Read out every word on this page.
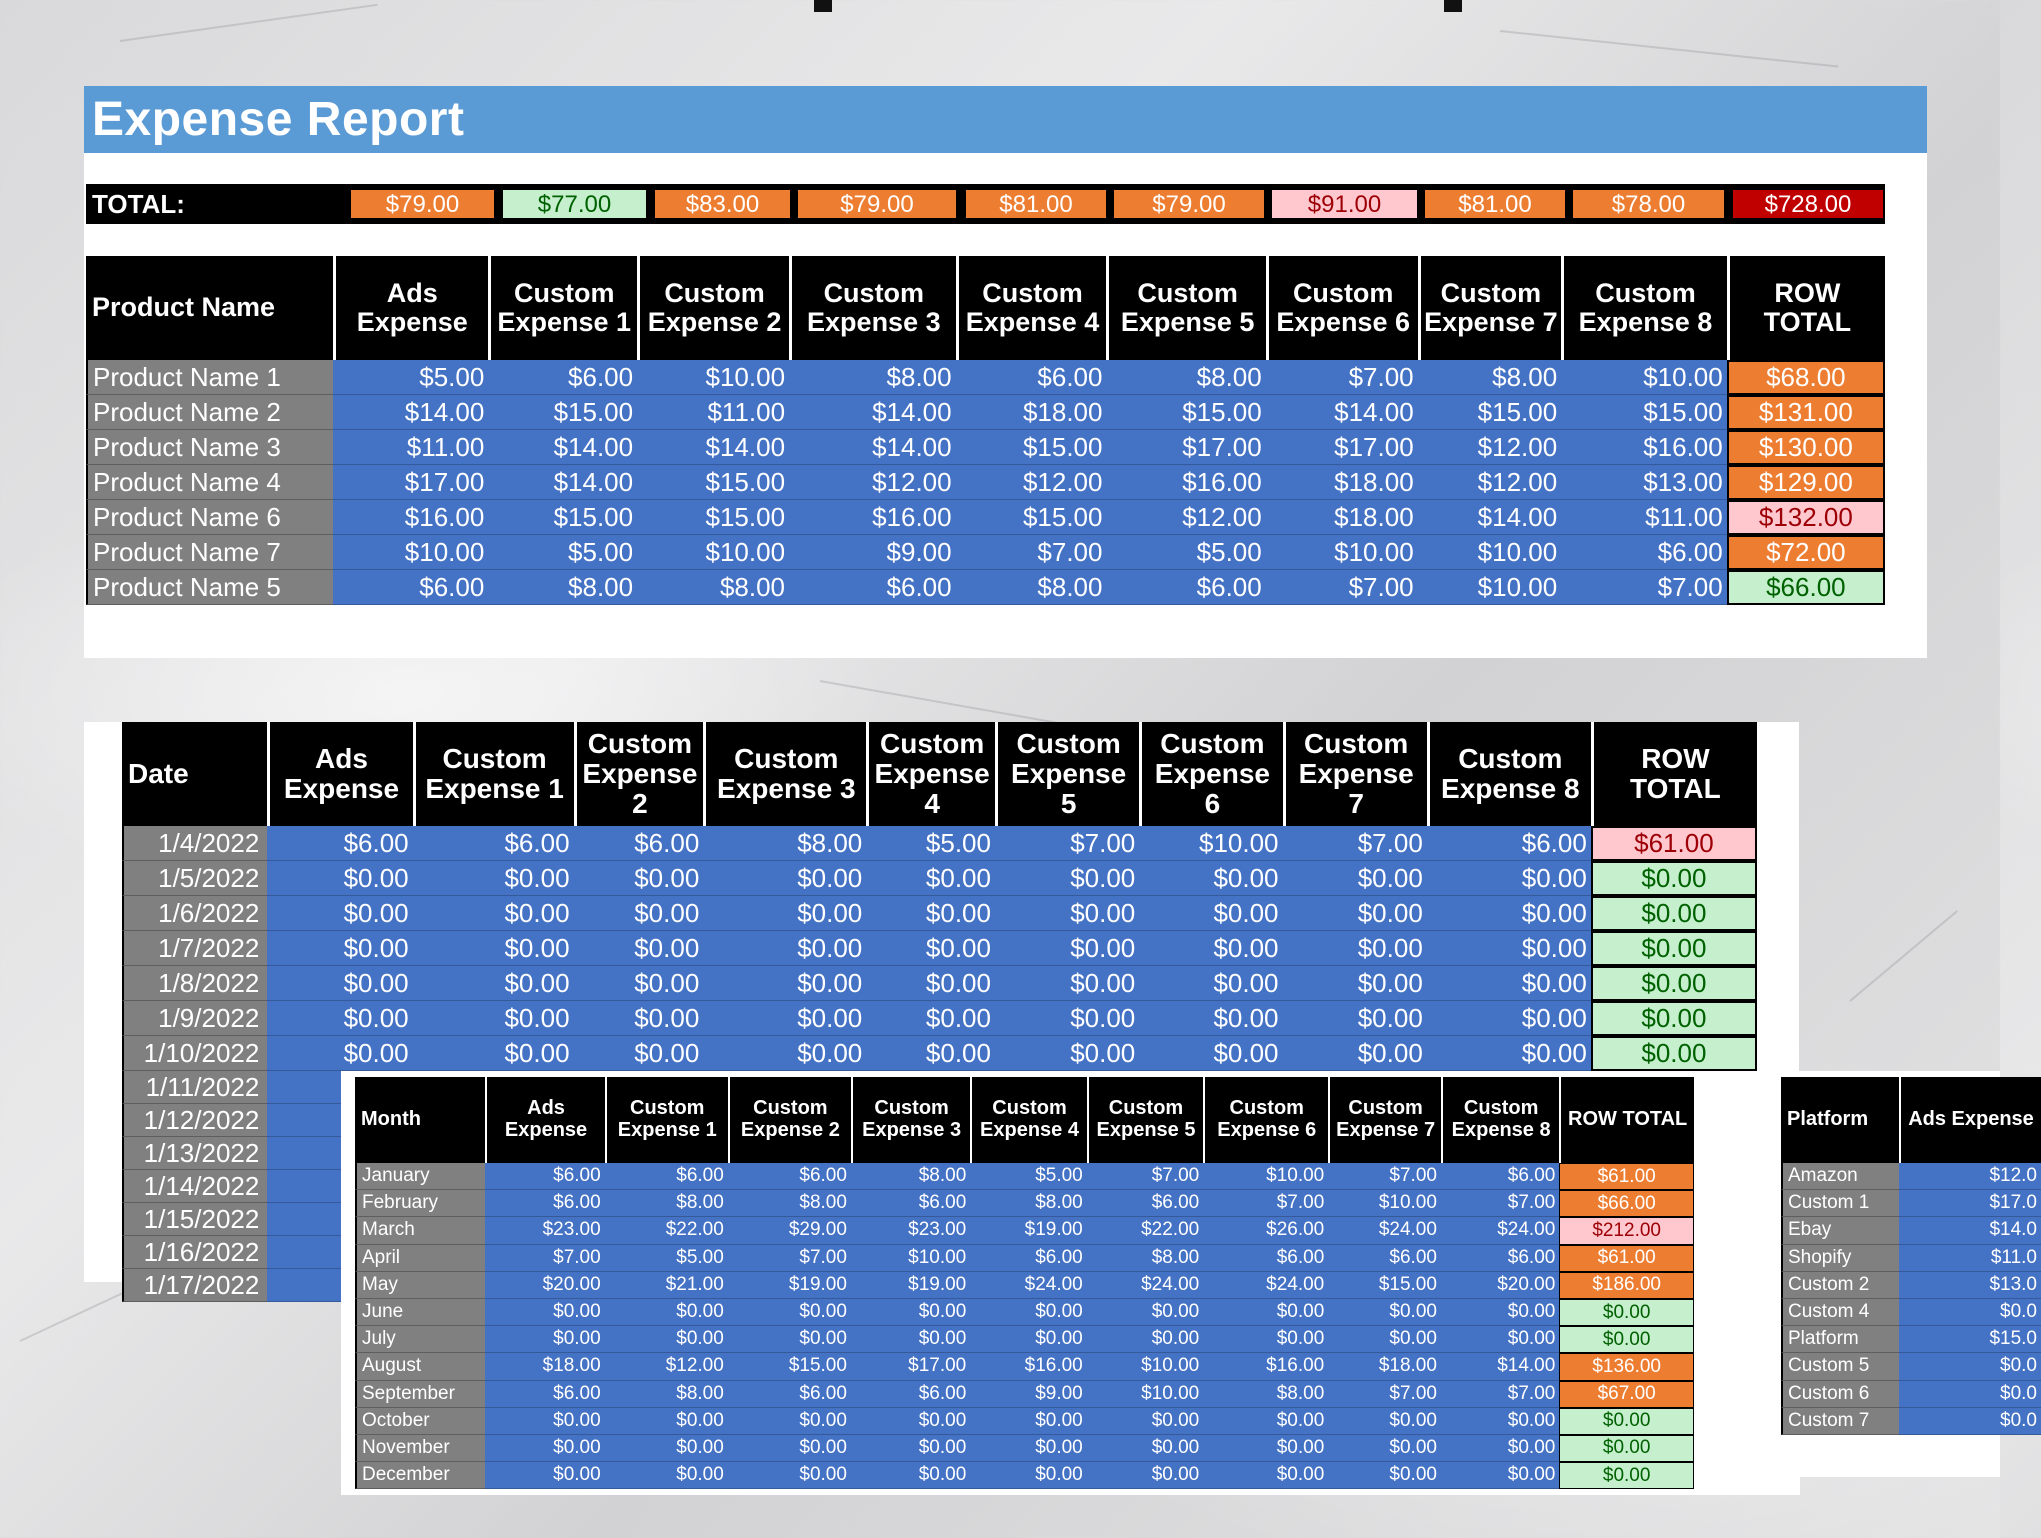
Expense Report
TOTAL:	$79.00	$77.00	$83.00	$79.00	$81.00	$79.00	$91.00	$81.00	$78.00	$728.00
Product Name	Ads Expense	Custom Expense 1	Custom Expense 2	Custom Expense 3	Custom Expense 4	Custom Expense 5	Custom Expense 6	Custom Expense 7	Custom Expense 8	ROW TOTAL
Product Name 1	$5.00	$6.00	$10.00	$8.00	$6.00	$8.00	$7.00	$8.00	$10.00	$68.00
Product Name 2	$14.00	$15.00	$11.00	$14.00	$18.00	$15.00	$14.00	$15.00	$15.00	$131.00
Product Name 3	$11.00	$14.00	$14.00	$14.00	$15.00	$17.00	$17.00	$12.00	$16.00	$130.00
Product Name 4	$17.00	$14.00	$15.00	$12.00	$12.00	$16.00	$18.00	$12.00	$13.00	$129.00
Product Name 6	$16.00	$15.00	$15.00	$16.00	$15.00	$12.00	$18.00	$14.00	$11.00	$132.00
Product Name 7	$10.00	$5.00	$10.00	$9.00	$7.00	$5.00	$10.00	$10.00	$6.00	$72.00
Product Name 5	$6.00	$8.00	$8.00	$6.00	$8.00	$6.00	$7.00	$10.00	$7.00	$66.00
Date	Ads Expense	Custom Expense 1	Custom Expense 2	Custom Expense 3	Custom Expense 4	Custom Expense 5	Custom Expense 6	Custom Expense 7	Custom Expense 8	ROW TOTAL
1/4/2022	$6.00	$6.00	$6.00	$8.00	$5.00	$7.00	$10.00	$7.00	$6.00	$61.00
1/5/2022	$0.00	$0.00	$0.00	$0.00	$0.00	$0.00	$0.00	$0.00	$0.00	$0.00
1/6/2022	$0.00	$0.00	$0.00	$0.00	$0.00	$0.00	$0.00	$0.00	$0.00	$0.00
1/7/2022	$0.00	$0.00	$0.00	$0.00	$0.00	$0.00	$0.00	$0.00	$0.00	$0.00
1/8/2022	$0.00	$0.00	$0.00	$0.00	$0.00	$0.00	$0.00	$0.00	$0.00	$0.00
1/9/2022	$0.00	$0.00	$0.00	$0.00	$0.00	$0.00	$0.00	$0.00	$0.00	$0.00
1/10/2022	$0.00	$0.00	$0.00	$0.00	$0.00	$0.00	$0.00	$0.00	$0.00	$0.00
1/11/2022										
1/12/2022										
1/13/2022										
1/14/2022										
1/15/2022										
1/16/2022										
1/17/2022										
Month	Ads Expense	Custom Expense 1	Custom Expense 2	Custom Expense 3	Custom Expense 4	Custom Expense 5	Custom Expense 6	Custom Expense 7	Custom Expense 8	ROW TOTAL
January	$6.00	$6.00	$6.00	$8.00	$5.00	$7.00	$10.00	$7.00	$6.00	$61.00
February	$6.00	$8.00	$8.00	$6.00	$8.00	$6.00	$7.00	$10.00	$7.00	$66.00
March	$23.00	$22.00	$29.00	$23.00	$19.00	$22.00	$26.00	$24.00	$24.00	$212.00
April	$7.00	$5.00	$7.00	$10.00	$6.00	$8.00	$6.00	$6.00	$6.00	$61.00
May	$20.00	$21.00	$19.00	$19.00	$24.00	$24.00	$24.00	$15.00	$20.00	$186.00
June	$0.00	$0.00	$0.00	$0.00	$0.00	$0.00	$0.00	$0.00	$0.00	$0.00
July	$0.00	$0.00	$0.00	$0.00	$0.00	$0.00	$0.00	$0.00	$0.00	$0.00
August	$18.00	$12.00	$15.00	$17.00	$16.00	$10.00	$16.00	$18.00	$14.00	$136.00
September	$6.00	$8.00	$6.00	$6.00	$9.00	$10.00	$8.00	$7.00	$7.00	$67.00
October	$0.00	$0.00	$0.00	$0.00	$0.00	$0.00	$0.00	$0.00	$0.00	$0.00
November	$0.00	$0.00	$0.00	$0.00	$0.00	$0.00	$0.00	$0.00	$0.00	$0.00
December	$0.00	$0.00	$0.00	$0.00	$0.00	$0.00	$0.00	$0.00	$0.00	$0.00
Platform	Ads Expense
Amazon	$12.0
Custom 1	$17.0
Ebay	$14.0
Shopify	$11.0
Custom 2	$13.0
Custom 4	$0.0
Platform	$15.0
Custom 5	$0.0
Custom 6	$0.0
Custom 7	$0.0
